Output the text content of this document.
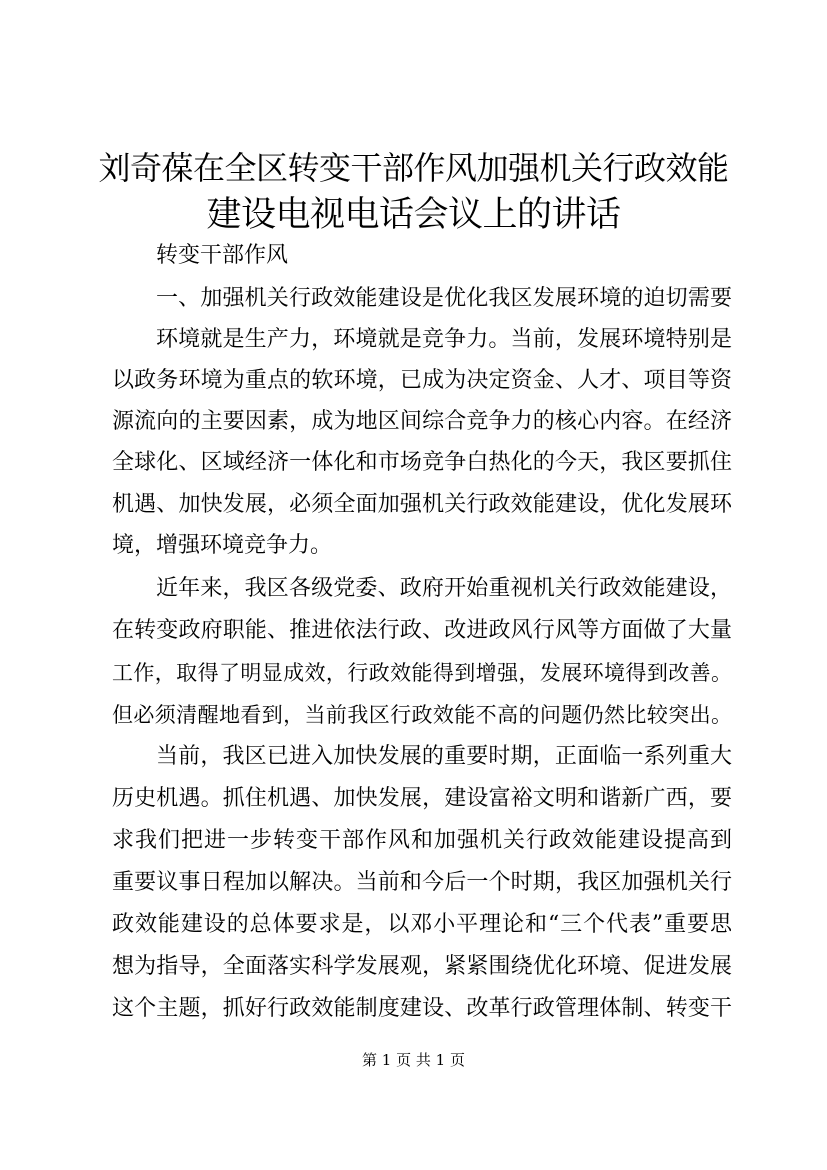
刘奇葆在全区转变干部作风加强机关行政效能
建设电视电话会议上的讲话
转变干部作风
一、加强机关行政效能建设是优化我区发展环境的迫切需要
环境就是生产力，环境就是竞争力。当前，发展环境特别是
以政务环境为重点的软环境，已成为决定资金、人才、项目等资
源流向的主要因素，成为地区间综合竞争力的核心内容。在经济
全球化、区域经济一体化和市场竞争白热化的今天，我区要抓住
机遇、加快发展，必须全面加强机关行政效能建设，优化发展环
境，增强环境竞争力。
近年来，我区各级党委、政府开始重视机关行政效能建设，
在转变政府职能、推进依法行政、改进政风行风等方面做了大量
工作，取得了明显成效，行政效能得到增强，发展环境得到改善。
但必须清醒地看到，当前我区行政效能不高的问题仍然比较突出。
当前，我区已进入加快发展的重要时期，正面临一系列重大
历史机遇。抓住机遇、加快发展，建设富裕文明和谐新广西，要
求我们把进一步转变干部作风和加强机关行政效能建设提高到
重要议事日程加以解决。当前和今后一个时期，我区加强机关行
政效能建设的总体要求是，以邓小平理论和“三个代表”重要思
想为指导，全面落实科学发展观，紧紧围绕优化环境、促进发展
这个主题，抓好行政效能制度建设、改革行政管理体制、转变干
第 1 页 共 1 页
